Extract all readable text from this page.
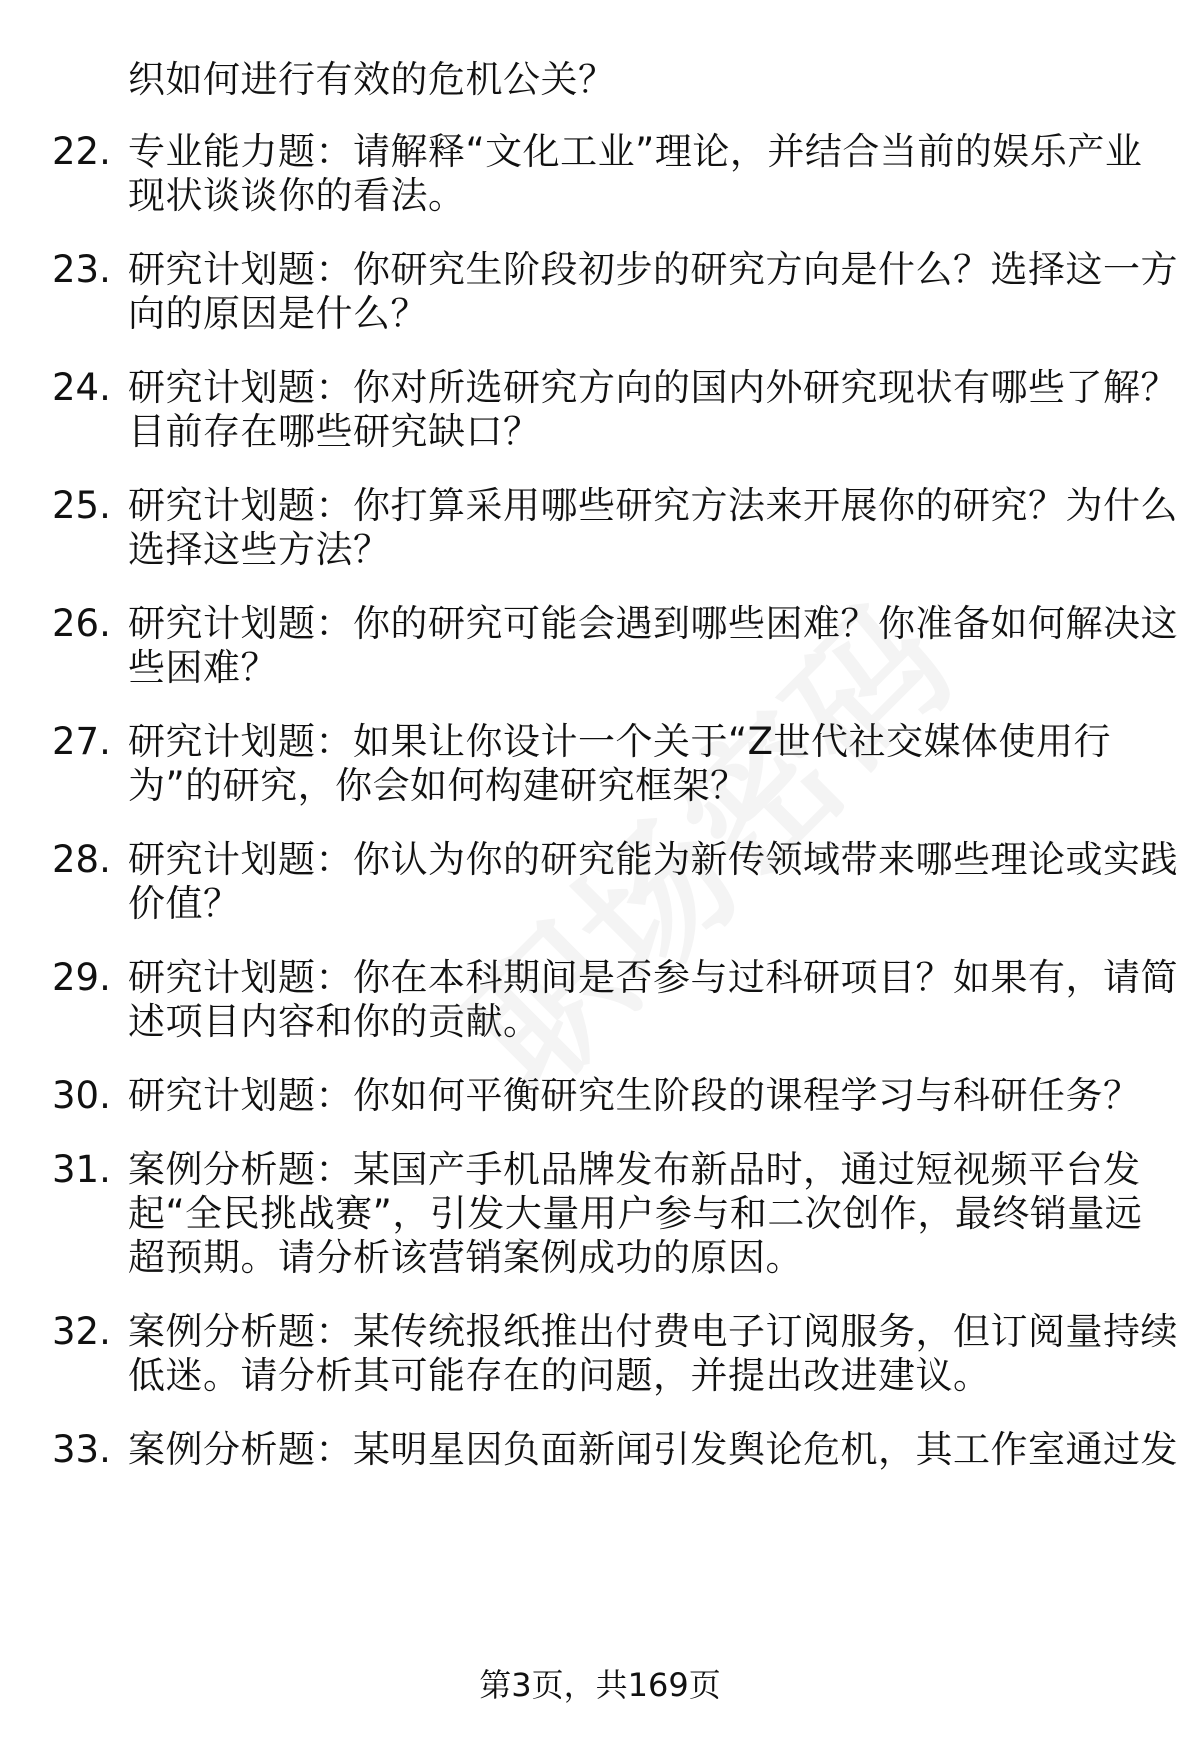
织如何进行有效的危机公关？
22. 专业能力题：请解释“文化工业”理论，并结合当前的娱乐产业
现状谈谈你的看法。
23. 研究计划题：你研究生阶段初步的研究方向是什么？选择这一方
向的原因是什么？
24. 研究计划题：你对所选研究方向的国内外研究现状有哪些了解？
目前存在哪些研究缺口？
25. 研究计划题：你打算采用哪些研究方法来开展你的研究？为什么
选择这些方法？
26. 研究计划题：你的研究可能会遇到哪些困难？你准备如何解决这
些困难？
27. 研究计划题：如果让你设计一个关于“Z世代社交媒体使用行
为”的研究，你会如何构建研究框架？
28. 研究计划题：你认为你的研究能为新传领域带来哪些理论或实践
价值？
29. 研究计划题：你在本科期间是否参与过科研项目？如果有，请简
述项目内容和你的贡献。
30. 研究计划题：你如何平衡研究生阶段的课程学习与科研任务？
31. 案例分析题：某国产手机品牌发布新品时，通过短视频平台发
起“全民挑战赛”，引发大量用户参与和二次创作，最终销量远
超预期。请分析该营销案例成功的原因。
32. 案例分析题：某传统报纸推出付费电子订阅服务，但订阅量持续
低迷。请分析其可能存在的问题，并提出改进建议。
33. 案例分析题：某明星因负面新闻引发舆论危机，其工作室通过发
第3页，共169页
